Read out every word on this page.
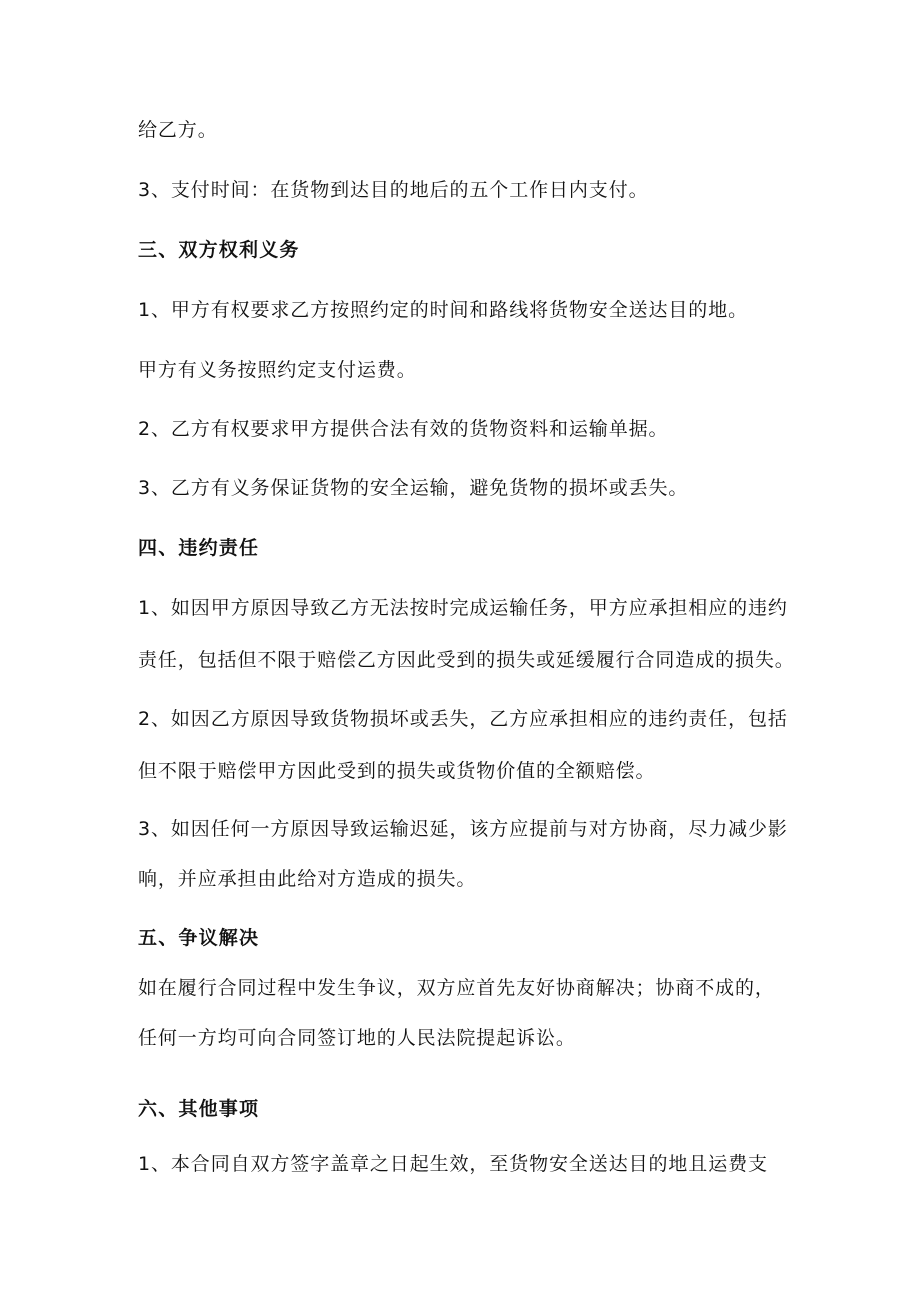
给乙方。
3、支付时间：在货物到达目的地后的五个工作日内支付。
三、双方权利义务
1、甲方有权要求乙方按照约定的时间和路线将货物安全送达目的地。
甲方有义务按照约定支付运费。
2、乙方有权要求甲方提供合法有效的货物资料和运输单据。
3、乙方有义务保证货物的安全运输，避免货物的损坏或丢失。
四、违约责任
1、如因甲方原因导致乙方无法按时完成运输任务，甲方应承担相应的违约
责任，包括但不限于赔偿乙方因此受到的损失或延缓履行合同造成的损失。
2、如因乙方原因导致货物损坏或丢失，乙方应承担相应的违约责任，包括
但不限于赔偿甲方因此受到的损失或货物价值的全额赔偿。
3、如因任何一方原因导致运输迟延，该方应提前与对方协商，尽力减少影
响，并应承担由此给对方造成的损失。
五、争议解决
如在履行合同过程中发生争议，双方应首先友好协商解决；协商不成的，
任何一方均可向合同签订地的人民法院提起诉讼。
六、其他事项
1、本合同自双方签字盖章之日起生效，至货物安全送达目的地且运费支
